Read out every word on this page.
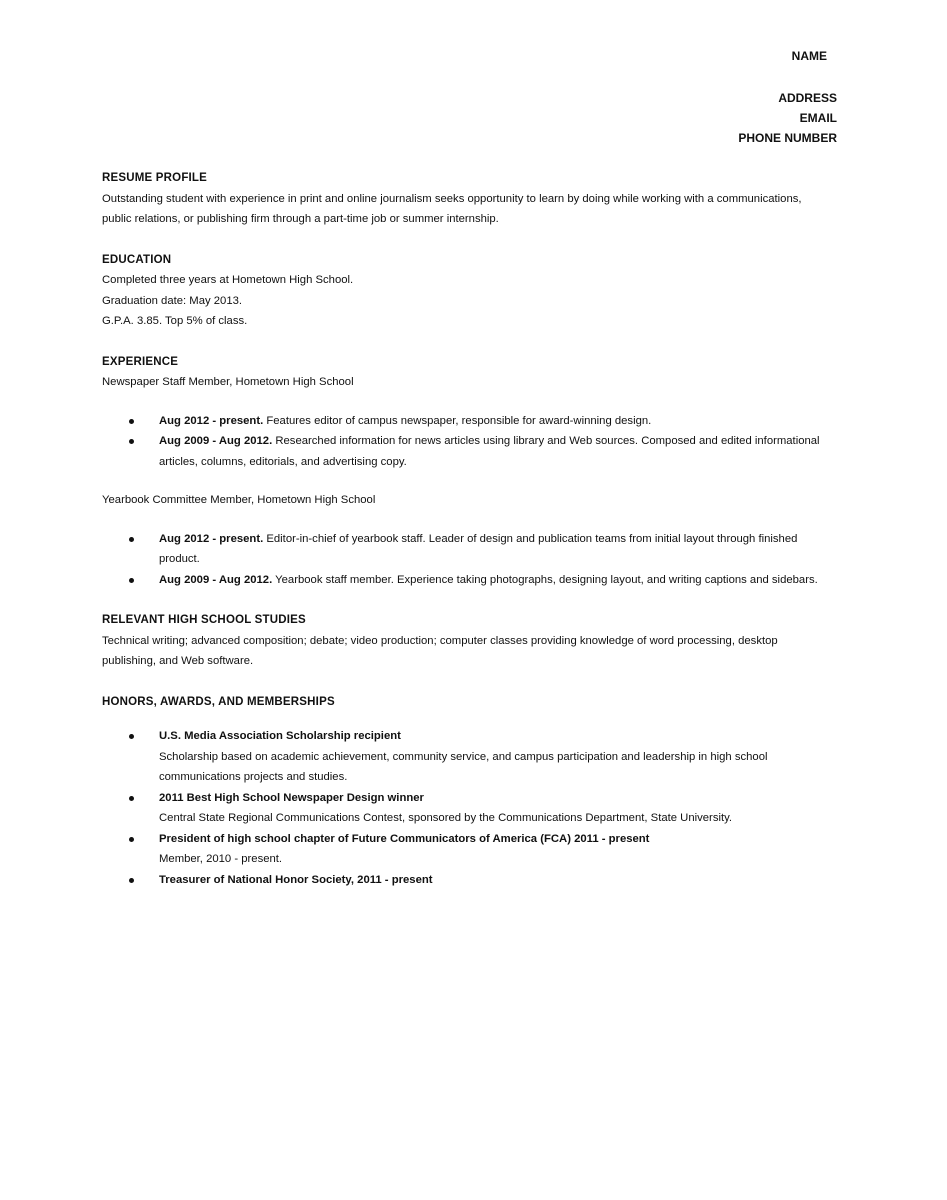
NAME
ADDRESS
EMAIL
PHONE NUMBER
RESUME PROFILE

Outstanding student with experience in print and online journalism seeks opportunity to learn by doing while working with a communications, public relations, or publishing firm through a part-time job or summer internship.

EDUCATION
Completed three years at Hometown High School.
Graduation date: May 2013.
G.P.A. 3.85. Top 5% of class.
EXPERIENCE
Newspaper Staff Member, Hometown High School
Aug 2012 - present. Features editor of campus newspaper, responsible for award-winning design.
Aug 2009 - Aug 2012. Researched information for news articles using library and Web sources. Composed and edited informational articles, columns, editorials, and advertising copy.
Yearbook Committee Member, Hometown High School
Aug 2012 - present. Editor-in-chief of yearbook staff. Leader of design and publication teams from initial layout through finished product.
Aug 2009 - Aug 2012. Yearbook staff member. Experience taking photographs, designing layout, and writing captions and sidebars.
RELEVANT HIGH SCHOOL STUDIES

Technical writing; advanced composition; debate; video production; computer classes providing knowledge of word processing, desktop publishing, and Web software.

HONORS, AWARDS, AND MEMBERSHIPS
U.S. Media Association Scholarship recipient
Scholarship based on academic achievement, community service, and campus participation and leadership in high school communications projects and studies.
2011 Best High School Newspaper Design winner
Central State Regional Communications Contest, sponsored by the Communications Department, State University.
President of high school chapter of Future Communicators of America (FCA) 2011 - present
Member, 2010 - present.
Treasurer of National Honor Society, 2011 - present
